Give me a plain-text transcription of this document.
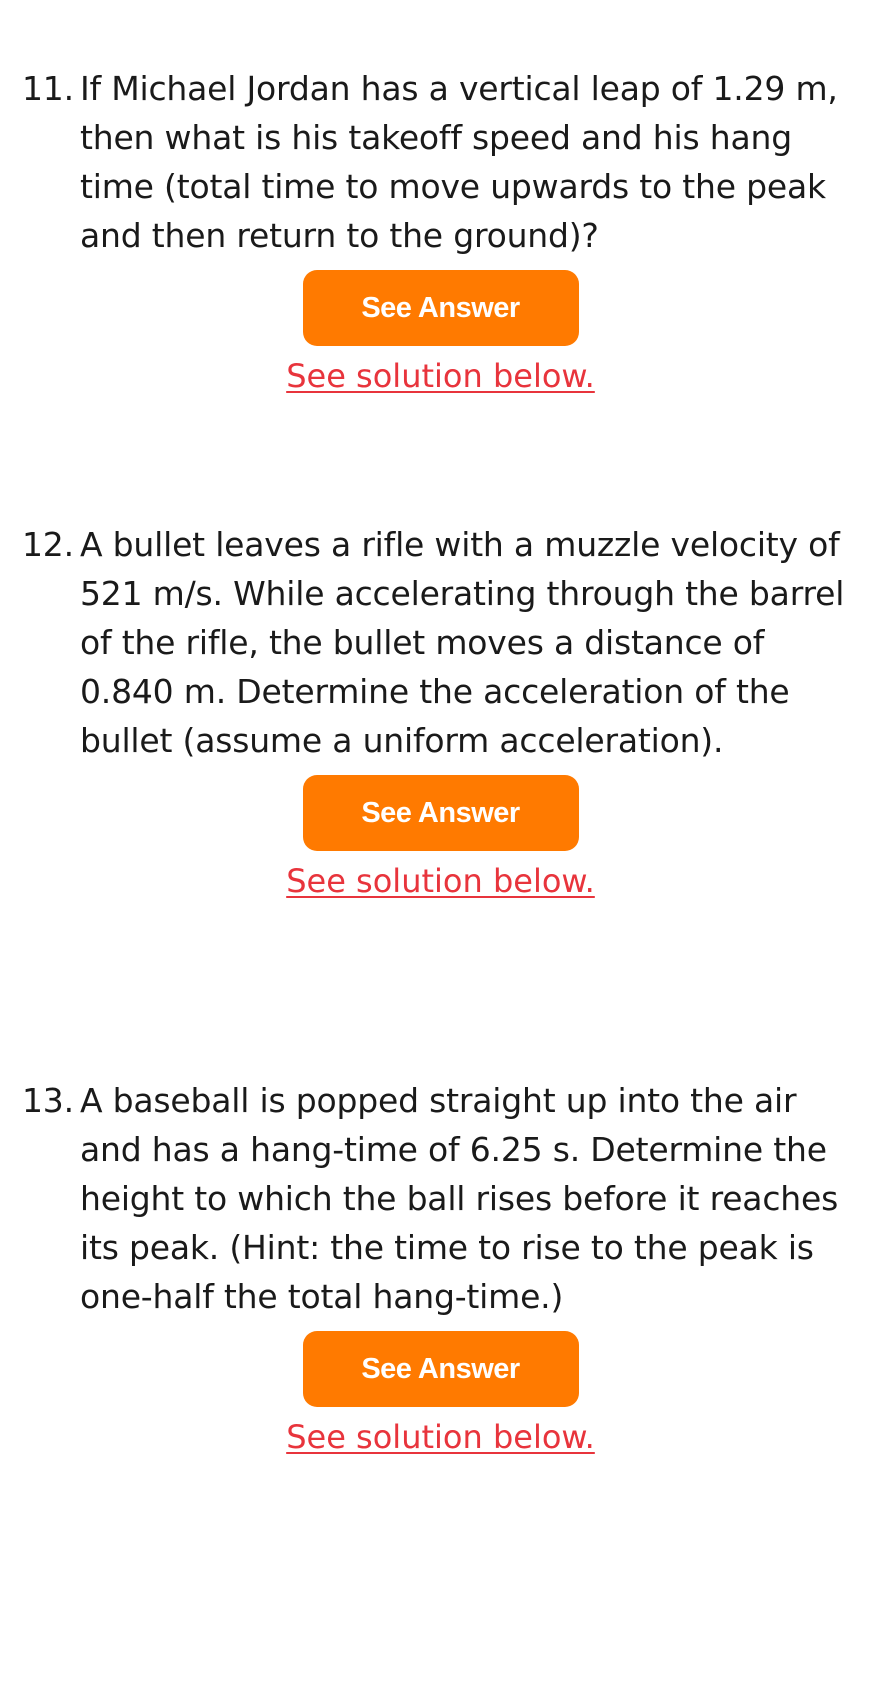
11. If Michael Jordan has a vertical leap of 1.29 m, then what is his takeoff speed and his hang time (total time to move upwards to the peak and then return to the ground)?

See Answer
See solution below.

12. A bullet leaves a rifle with a muzzle velocity of 521 m/s. While accelerating through the barrel of the rifle, the bullet moves a distance of 0.840 m. Determine the acceleration of the bullet (assume a uniform acceleration).

See Answer
See solution below.

13. A baseball is popped straight up into the air and has a hang-time of 6.25 s. Determine the height to which the ball rises before it reaches its peak. (Hint: the time to rise to the peak is one-half the total hang-time.)

See Answer
See solution below.
